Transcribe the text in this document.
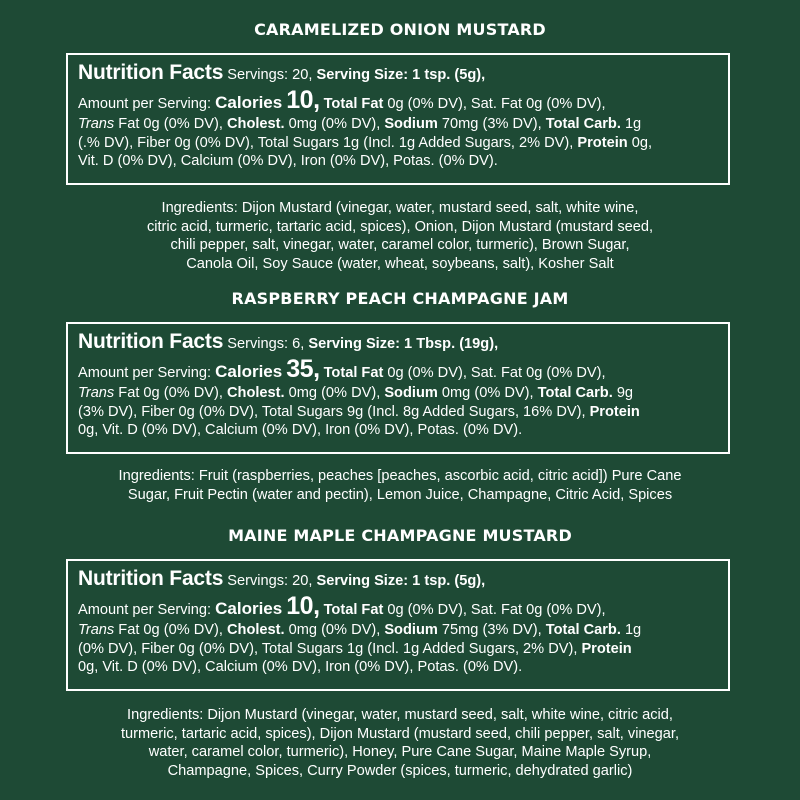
CARAMELIZED ONION MUSTARD
Nutrition Facts Servings: 20, Serving Size: 1 tsp. (5g),
Amount per Serving: Calories 10, Total Fat 0g (0% DV), Sat. Fat 0g (0% DV),
Trans Fat 0g (0% DV), Cholest. 0mg (0% DV), Sodium 70mg (3% DV), Total Carb. 1g
(.% DV), Fiber 0g (0% DV), Total Sugars 1g (Incl. 1g Added Sugars, 2% DV), Protein 0g,
Vit. D (0% DV), Calcium (0% DV), Iron (0% DV), Potas. (0% DV).
Ingredients: Dijon Mustard (vinegar, water, mustard seed, salt, white wine,
citric acid, turmeric, tartaric acid, spices), Onion, Dijon Mustard (mustard seed,
chili pepper, salt, vinegar, water, caramel color, turmeric), Brown Sugar,
Canola Oil, Soy Sauce (water, wheat, soybeans, salt), Kosher Salt
RASPBERRY PEACH CHAMPAGNE JAM
Nutrition Facts Servings: 6, Serving Size: 1 Tbsp. (19g),
Amount per Serving: Calories 35, Total Fat 0g (0% DV), Sat. Fat 0g (0% DV),
Trans Fat 0g (0% DV), Cholest. 0mg (0% DV), Sodium 0mg (0% DV), Total Carb. 9g
(3% DV), Fiber 0g (0% DV), Total Sugars 9g (Incl. 8g Added Sugars, 16% DV), Protein
0g, Vit. D (0% DV), Calcium (0% DV), Iron (0% DV), Potas. (0% DV).
Ingredients: Fruit (raspberries, peaches [peaches, ascorbic acid, citric acid]) Pure Cane
Sugar, Fruit Pectin (water and pectin), Lemon Juice, Champagne, Citric Acid, Spices
MAINE MAPLE CHAMPAGNE MUSTARD
Nutrition Facts Servings: 20, Serving Size: 1 tsp. (5g),
Amount per Serving: Calories 10, Total Fat 0g (0% DV), Sat. Fat 0g (0% DV),
Trans Fat 0g (0% DV), Cholest. 0mg (0% DV), Sodium 75mg (3% DV), Total Carb. 1g
(0% DV), Fiber 0g (0% DV), Total Sugars 1g (Incl. 1g Added Sugars, 2% DV), Protein
0g, Vit. D (0% DV), Calcium (0% DV), Iron (0% DV), Potas. (0% DV).
Ingredients: Dijon Mustard (vinegar, water, mustard seed, salt, white wine, citric acid,
turmeric, tartaric acid, spices), Dijon Mustard (mustard seed, chili pepper, salt, vinegar,
water, caramel color, turmeric), Honey, Pure Cane Sugar, Maine Maple Syrup,
Champagne, Spices, Curry Powder (spices, turmeric, dehydrated garlic)
